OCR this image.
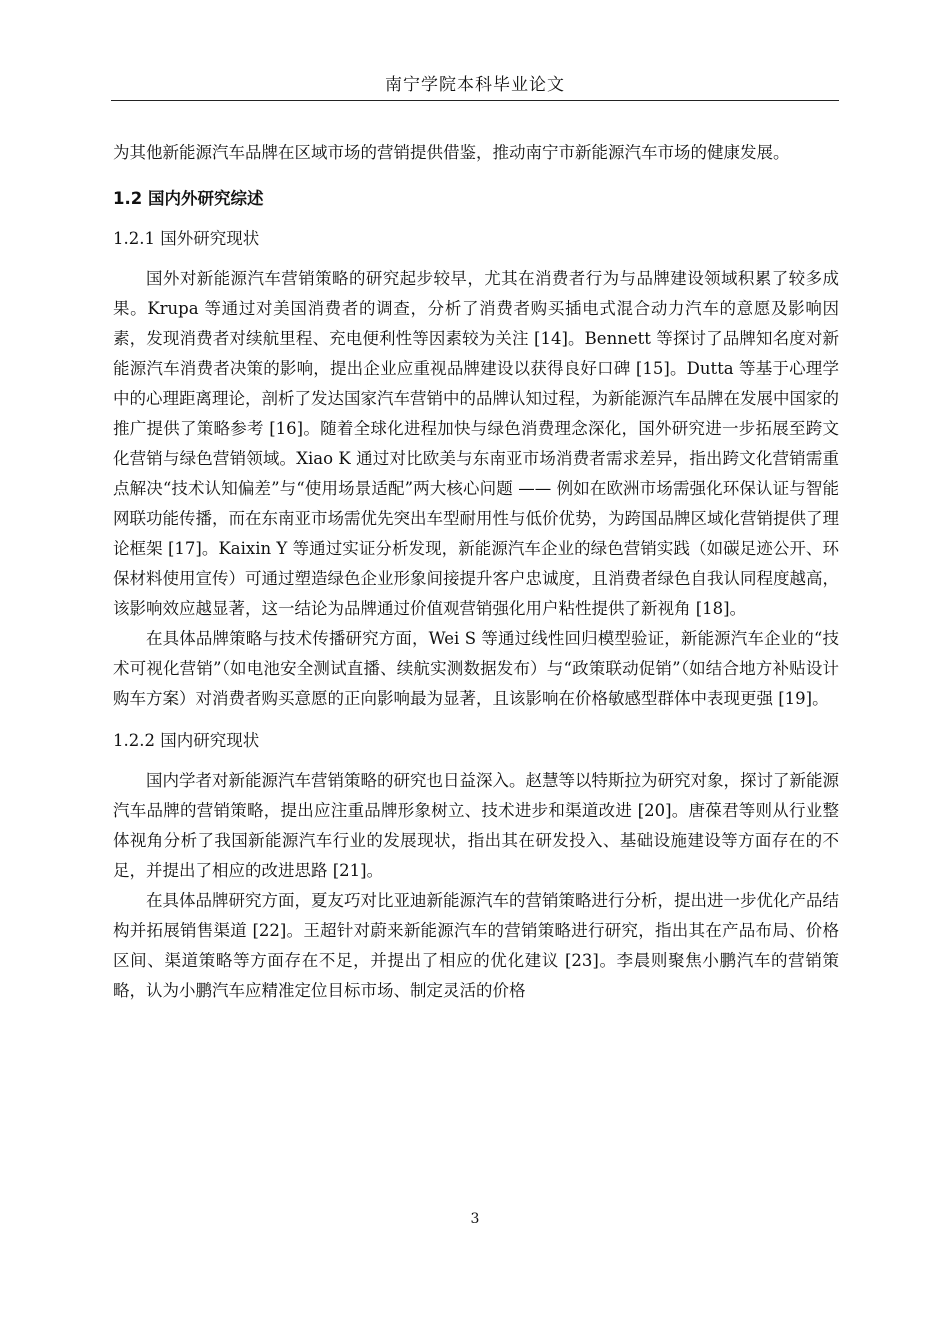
南宁学院本科毕业论文

为其他新能源汽车品牌在区域市场的营销提供借鉴，推动南宁市新能源汽车市场的健康发展。

1.2 国内外研究综述
1.2.1 国外研究现状

国外对新能源汽车营销策略的研究起步较早，尤其在消费者行为与品牌建设领域积累了较多成果。Krupa 等通过对美国消费者的调查，分析了消费者购买插电式混合动力汽车的意愿及影响因素，发现消费者对续航里程、充电便利性等因素较为关注 [14]。Bennett 等探讨了品牌知名度对新能源汽车消费者决策的影响，提出企业应重视品牌建设以获得良好口碑 [15]。Dutta 等基于心理学中的心理距离理论，剖析了发达国家汽车营销中的品牌认知过程，为新能源汽车品牌在发展中国家的推广提供了策略参考 [16]。随着全球化进程加快与绿色消费理念深化，国外研究进一步拓展至跨文化营销与绿色营销领域。Xiao K 通过对比欧美与东南亚市场消费者需求差异，指出跨文化营销需重点解决“技术认知偏差”与“使用场景适配”两大核心问题 —— 例如在欧洲市场需强化环保认证与智能网联功能传播，而在东南亚市场需优先突出车型耐用性与低价优势，为跨国品牌区域化营销提供了理论框架 [17]。Kaixin Y 等通过实证分析发现，新能源汽车企业的绿色营销实践（如碳足迹公开、环保材料使用宣传）可通过塑造绿色企业形象间接提升客户忠诚度，且消费者绿色自我认同程度越高，该影响效应越显著，这一结论为品牌通过价值观营销强化用户粘性提供了新视角 [18]。

在具体品牌策略与技术传播研究方面，Wei S 等通过线性回归模型验证，新能源汽车企业的“技术可视化营销”（如电池安全测试直播、续航实测数据发布）与“政策联动促销”（如结合地方补贴设计购车方案）对消费者购买意愿的正向影响最为显著，且该影响在价格敏感型群体中表现更强 [19]。

1.2.2 国内研究现状

国内学者对新能源汽车营销策略的研究也日益深入。赵慧等以特斯拉为研究对象，探讨了新能源汽车品牌的营销策略，提出应注重品牌形象树立、技术进步和渠道改进 [20]。唐葆君等则从行业整体视角分析了我国新能源汽车行业的发展现状，指出其在研发投入、基础设施建设等方面存在的不足，并提出了相应的改进思路 [21]。

在具体品牌研究方面，夏友巧对比亚迪新能源汽车的营销策略进行分析，提出进一步优化产品结构并拓展销售渠道 [22]。王超针对蔚来新能源汽车的营销策略进行研究，指出其在产品布局、价格区间、渠道策略等方面存在不足，并提出了相应的优化建议 [23]。李晨则聚焦小鹏汽车的营销策略，认为小鹏汽车应精准定位目标市场、制定灵活的价格

3
